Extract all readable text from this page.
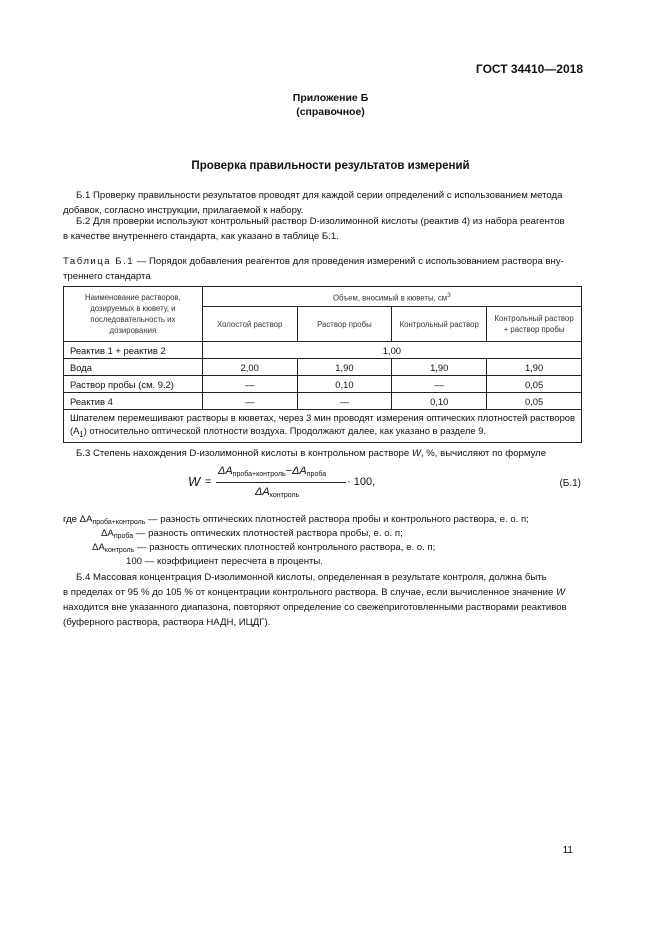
ГОСТ 34410—2018
Приложение Б
(справочное)
Проверка правильности результатов измерений
Б.1 Проверку правильности результатов проводят для каждой серии определений с использованием метода
добавок, согласно инструкции, прилагаемой к набору.
Б.2 Для проверки используют контрольный раствор D-изолимонной кислоты (реактив 4) из набора реагентов
в качестве внутреннего стандарта, как указано в таблице Б.1.
Таблица Б.1 — Порядок добавления реагентов для проведения измерений с использованием раствора вну-
треннего стандарта
Наименование растворов, дозируемых в кювету, и последовательность их дозирования	Объем, вносимый в кюветы, $см^3$
	Холостой раствор	Раствор пробы	Контрольный раствор	Контрольный раствор + раствор пробы
Реактив 1 + реактив 2	1,00			
Вода	2,00	1,90	1,90	1,90
Раствор пробы (см. 9.2)	—	0,10	—	0,05
Реактив 4	—	—	0,10	0,05
Шпателем перемешивают растворы в кюветах, через 3 мин проводят измерения оптических плотностей растворов $(А_1)$ относительно оптической плотности воздуха. Продолжают далее, как указано в разделе 9.				
Б.3 Степень нахождения D-изолимонной кислоты в контрольном растворе W, %, вычисляют по формуле
W =
$\Delta A_{проба+контроль}-\Delta A_{проба}$
$\Delta A_{контроль}$
· 100,	(Б.1)
где $\Delta А_{проба+контроль}$ — разность оптических плотностей раствора пробы и контрольного раствора, е. о. п;
$\Delta А_{проба}$ — разность оптических плотностей раствора пробы, е. о. п;
$\Delta А_{контроль}$ — разность оптических плотностей контрольного раствора, е. о. п;
100 — коэффициент пересчета в проценты.
Б.4 Массовая концентрация D-изолимонной кислоты, определенная в результате контроля, должна быть
в пределах от 95 % до 105 % от концентрации контрольного раствора. В случае, если вычисленное значение W
находится вне указанного диапазона, повторяют определение со свежеприготовленными растворами реактивов
(буферного раствора, раствора НАДН, ИЦДГ).
11
